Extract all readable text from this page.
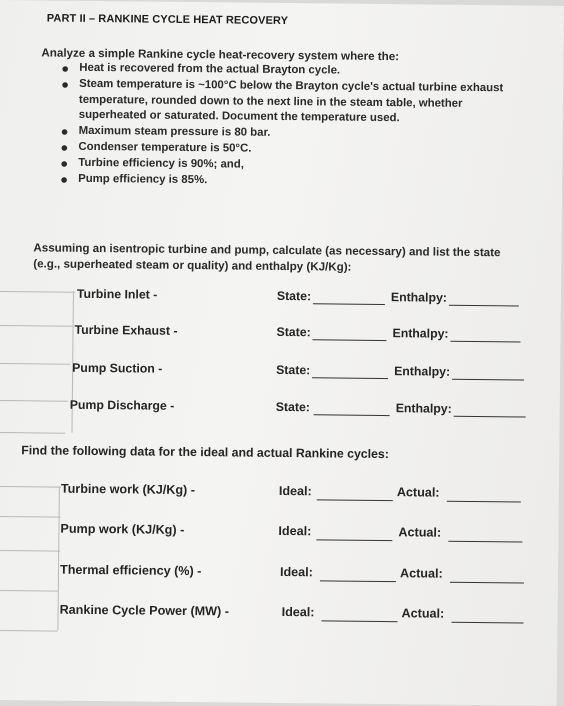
PART II – RANKINE CYCLE HEAT RECOVERY
Analyze a simple Rankine cycle heat-recovery system where the:
● Heat is recovered from the actual Brayton cycle.
● Steam temperature is ~100°C below the Brayton cycle's actual turbine exhaust temperature, rounded down to the next line in the steam table, whether superheated or saturated. Document the temperature used.
● Maximum steam pressure is 80 bar.
● Condenser temperature is 50°C.
● Turbine efficiency is 90%; and,
● Pump efficiency is 85%.
Assuming an isentropic turbine and pump, calculate (as necessary) and list the state (e.g., superheated steam or quality) and enthalpy (KJ/Kg):
Turbine Inlet -	State:	Enthalpy:
Turbine Exhaust -	State:	Enthalpy:
Pump Suction -	State:	Enthalpy:
Pump Discharge -	State:	Enthalpy:
Find the following data for the ideal and actual Rankine cycles:
Turbine work (KJ/Kg) -	Ideal:	Actual:
Pump work (KJ/Kg) -	Ideal:	Actual:
Thermal efficiency (%) -	Ideal:	Actual:
Rankine Cycle Power (MW) -	Ideal:	Actual:
